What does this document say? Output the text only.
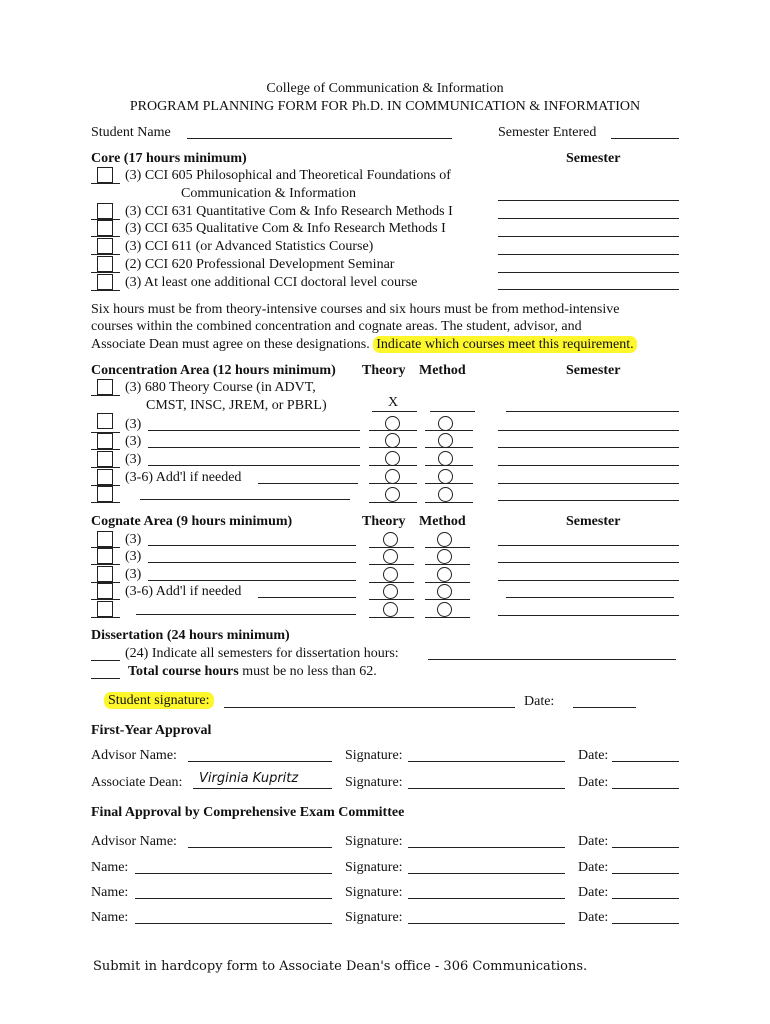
College of Communication & Information
PROGRAM PLANNING FORM FOR Ph.D. IN COMMUNICATION & INFORMATION
Student Name	Semester Entered
Core (17 hours minimum)	Semester
(3) CCI 605 Philosophical and Theoretical Foundations of
Communication & Information
(3) CCI 631 Quantitative Com & Info Research Methods I
(3) CCI 635 Qualitative Com & Info Research Methods I
(3) CCI 611 (or Advanced Statistics Course)
(2) CCI 620 Professional Development Seminar
(3) At least one additional CCI doctoral level course
Six hours must be from theory-intensive courses and six hours must be from method-intensive
courses within the combined concentration and cognate areas. The student, advisor, and
Associate Dean must agree on these designations. Indicate which courses meet this requirement.
Concentration Area (12 hours minimum) Theory Method	Semester
(3) 680 Theory Course (in ADVT,
CMST, INSC, JREM, or PBRL)	X
(3)
(3)
(3)
(3-6) Add'l if needed
Cognate Area (9 hours minimum)	Theory Method	Semester
(3)
(3)
(3)
(3-6) Add'l if needed
Dissertation (24 hours minimum)
(24) Indicate all semesters for dissertation hours:
Total course hours must be no less than 62.
Student signature:	Date:
First-Year Approval
Advisor Name:	Signature:	Date:
Associate Dean: Virginia Kupritz	Signature:	Date:
Final Approval by Comprehensive Exam Committee
Advisor Name:	Signature:	Date:
Name:	Signature:	Date:
Name:	Signature:	Date:
Name:	Signature:	Date:
Submit in hardcopy form to Associate Dean's office - 306 Communications.
